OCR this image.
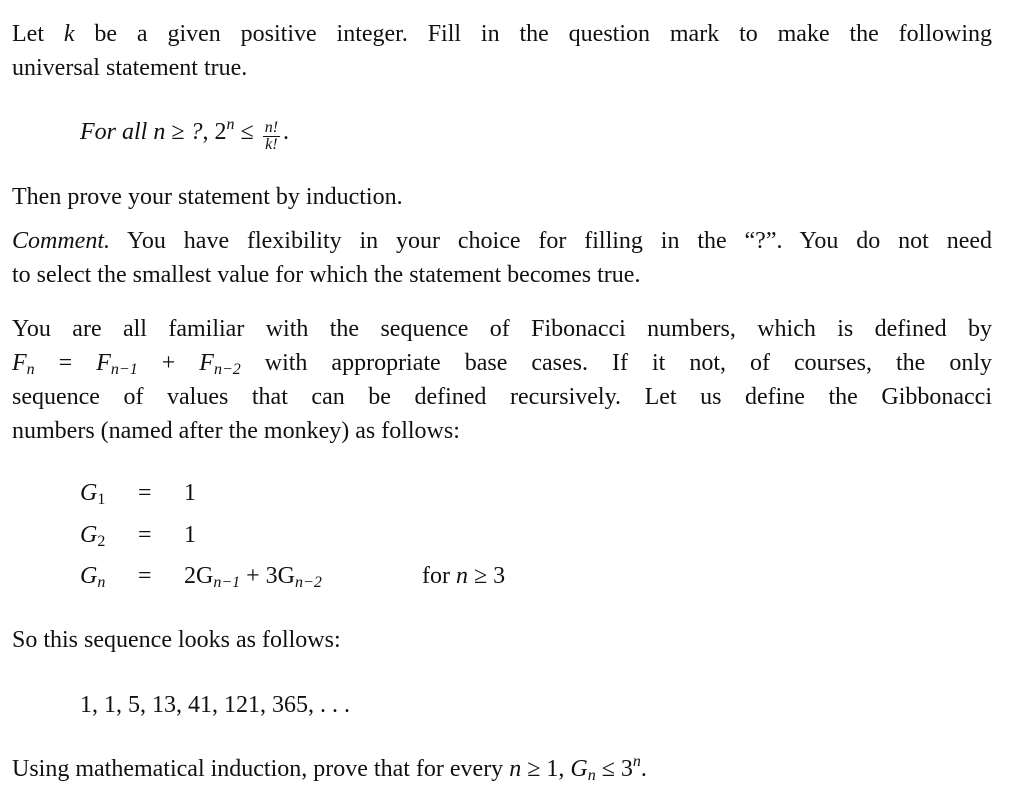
Let k be a given positive integer. Fill in the question mark to make the following
universal statement true.
For all n ≥ ?, $2^n \le \frac{n!}{k!}$ .
Then prove your statement by induction.
Comment. You have flexibility in your choice for filling in the “?”. You do not need
to select the smallest value for which the statement becomes true.
You are all familiar with the sequence of Fibonacci numbers, which is defined by
$F_n = F_{n-1} + F_{n-2}$ with appropriate base cases. If it not, of courses, the only
sequence of values that can be defined recursively. Let us define the Gibbonacci
numbers (named after the monkey) as follows:
$G_1 = 1$
$G_2 = 1$
$G_n = 2G_{n-1} + 3G_{n-2}$	for n ≥ 3
So this sequence looks as follows:
1, 1, 5, 13, 41, 121, 365, . . .
Using mathematical induction, prove that for every n ≥ 1, $G_n \le 3^n$.
